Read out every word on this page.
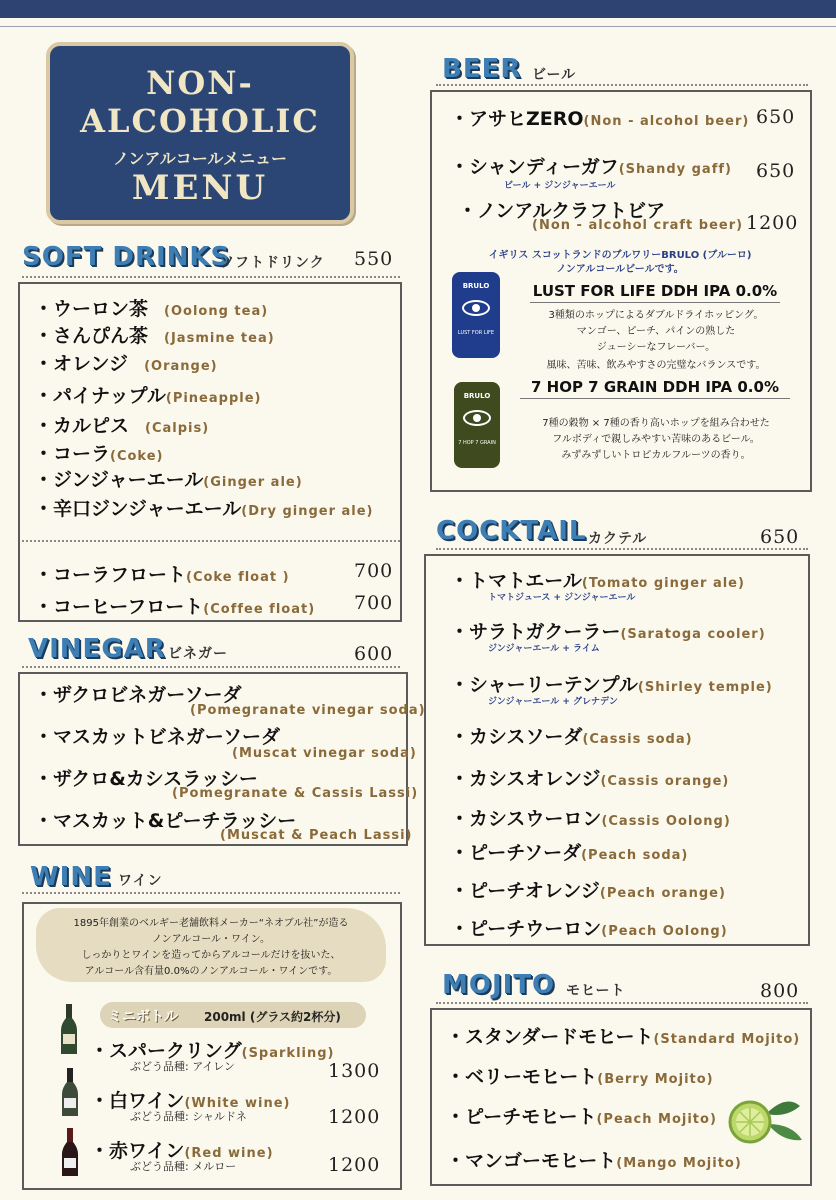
NON-
ALCOHOLIC
ノンアルコールメニュー
MENU
SOFT DRINKS
ソフトドリンク 550
・ウーロン茶　 (Oolong tea)
・さんぴん茶　 (Jasmine tea)
・オレンジ　 (Orange)
・パイナップル(Pineapple)
・カルピス　 (Calpis)
・コーラ(Coke)
・ジンジャーエール(Ginger ale)
・辛口ジンジャーエール(Dry ginger ale)
・コーラフロート(Coke float )	700
・コーヒーフロート(Coffee float) 700
VINEGAR ビネガー	600
・ザクロビネガーソーダ
(Pomegranate vinegar soda)
・マスカットビネガーソーダ
(Muscat vinegar soda)
・ザクロ&カシスラッシー
(Pomegranate & Cassis Lassi)
・マスカット&ピーチラッシー
(Muscat & Peach Lassi)
WINE ワイン
1895年創業のベルギー老舗飲料メーカー“ネオブル社”が造る
ノンアルコール・ワイン。
しっかりとワインを造ってからアルコールだけを抜いた、
アルコール含有量0.0%のノンアルコール・ワインです。
ミニボトル 200ml (グラス約2杯分)
・スパークリング(Sparkling)
ぶどう品種: アイレン	1300
・白ワイン(White wine)
ぶどう品種: シャルドネ	1200
・赤ワイン(Red wine)
ぶどう品種: メルロー	1200
BEER ビール
・アサヒZERO(Non - alcohol beer) 650
・シャンディーガフ(Shandy gaff)
ビール + ジンジャーエール
650
・ノンアルクラフトビア
(Non - alcohol craft beer) 1200
イギリス スコットランドのブルワリーBRULO (ブルーロ)
ノンアルコールビールです。
BRULO
LUST FOR LIFE
BRULO
7 HOP 7 GRAIN
LUST FOR LIFE DDH IPA 0.0%
3種類のホップによるダブルドライホッピング。
マンゴー、ピーチ、パインの熟した
ジューシーなフレーバー。
風味、苦味、飲みやすさの完璧なバランスです。
7 HOP 7 GRAIN DDH IPA 0.0%
7種の穀物 × 7種の香り高いホップを組み合わせた
フルボディで親しみやすい苦味のあるビール。
みずみずしいトロピカルフルーツの香り。
COCKTAIL カクテル	650
・トマトエール(Tomato ginger ale)
トマトジュース + ジンジャーエール
・サラトガクーラー(Saratoga cooler)
ジンジャーエール + ライム
・シャーリーテンプル(Shirley temple)
ジンジャーエール + グレナデン
・カシスソーダ(Cassis soda)
・カシスオレンジ(Cassis orange)
・カシスウーロン(Cassis Oolong)
・ピーチソーダ(Peach soda)
・ピーチオレンジ(Peach orange)
・ピーチウーロン(Peach Oolong)
MOJITO モヒート	800
・スタンダードモヒート(Standard Mojito)
・ベリーモヒート(Berry Mojito)
・ピーチモヒート(Peach Mojito)
・マンゴーモヒート(Mango Mojito)
